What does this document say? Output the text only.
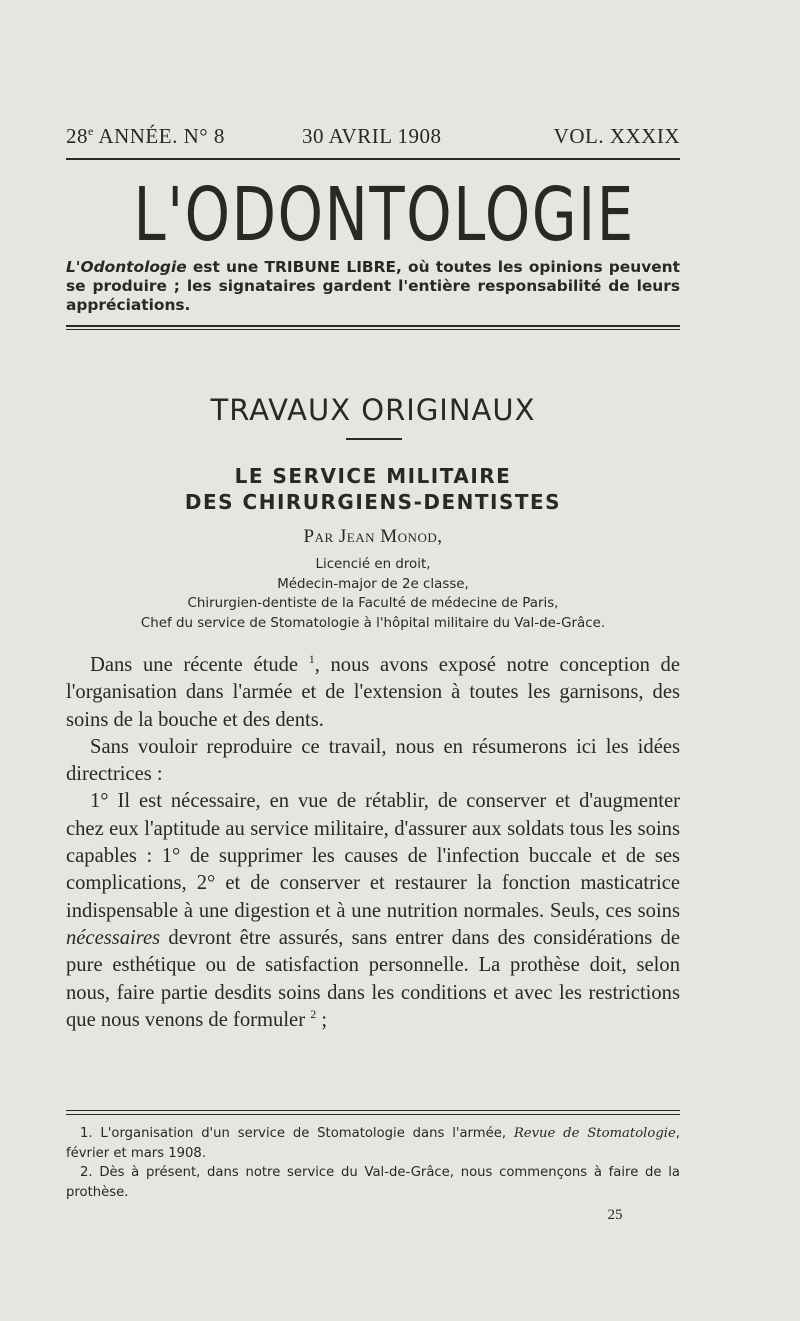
28e ANNÉE. N° 8	30 AVRIL 1908	VOL. XXXIX
L'ODONTOLOGIE
L'Odontologie est une TRIBUNE LIBRE, où toutes les opinions peuvent se produire ; les signataires gardent l'entière responsabilité de leurs appréciations.
TRAVAUX ORIGINAUX
LE SERVICE MILITAIRE
DES CHIRURGIENS-DENTISTES
Par Jean Monod,
Licencié en droit,
Médecin-major de 2e classe,
Chirurgien-dentiste de la Faculté de médecine de Paris,
Chef du service de Stomatologie à l'hôpital militaire du Val-de-Grâce.

Dans une récente étude $^1$, nous avons exposé notre conception de l'organisation dans l'armée et de l'extension à toutes les garnisons, des soins de la bouche et des dents.

Sans vouloir reproduire ce travail, nous en résumerons ici les idées directrices :

1° Il est nécessaire, en vue de rétablir, de conserver et d'augmenter chez eux l'aptitude au service militaire, d'assurer aux soldats tous les soins capables : 1° de supprimer les causes de l'infection buccale et de ses complications, 2° et de conserver et restaurer la fonction masticatrice indispensable à une digestion et à une nutrition normales. Seuls, ces soins nécessaires devront être assurés, sans entrer dans des considérations de pure esthétique ou de satisfaction personnelle. La prothèse doit, selon nous, faire partie desdits soins dans les conditions et avec les restrictions que nous venons de formuler $^2$ ;

1. L'organisation d'un service de Stomatologie dans l'armée, Revue de Stomatologie, février et mars 1908.

2. Dès à présent, dans notre service du Val-de-Grâce, nous commençons à faire de la prothèse.

25
